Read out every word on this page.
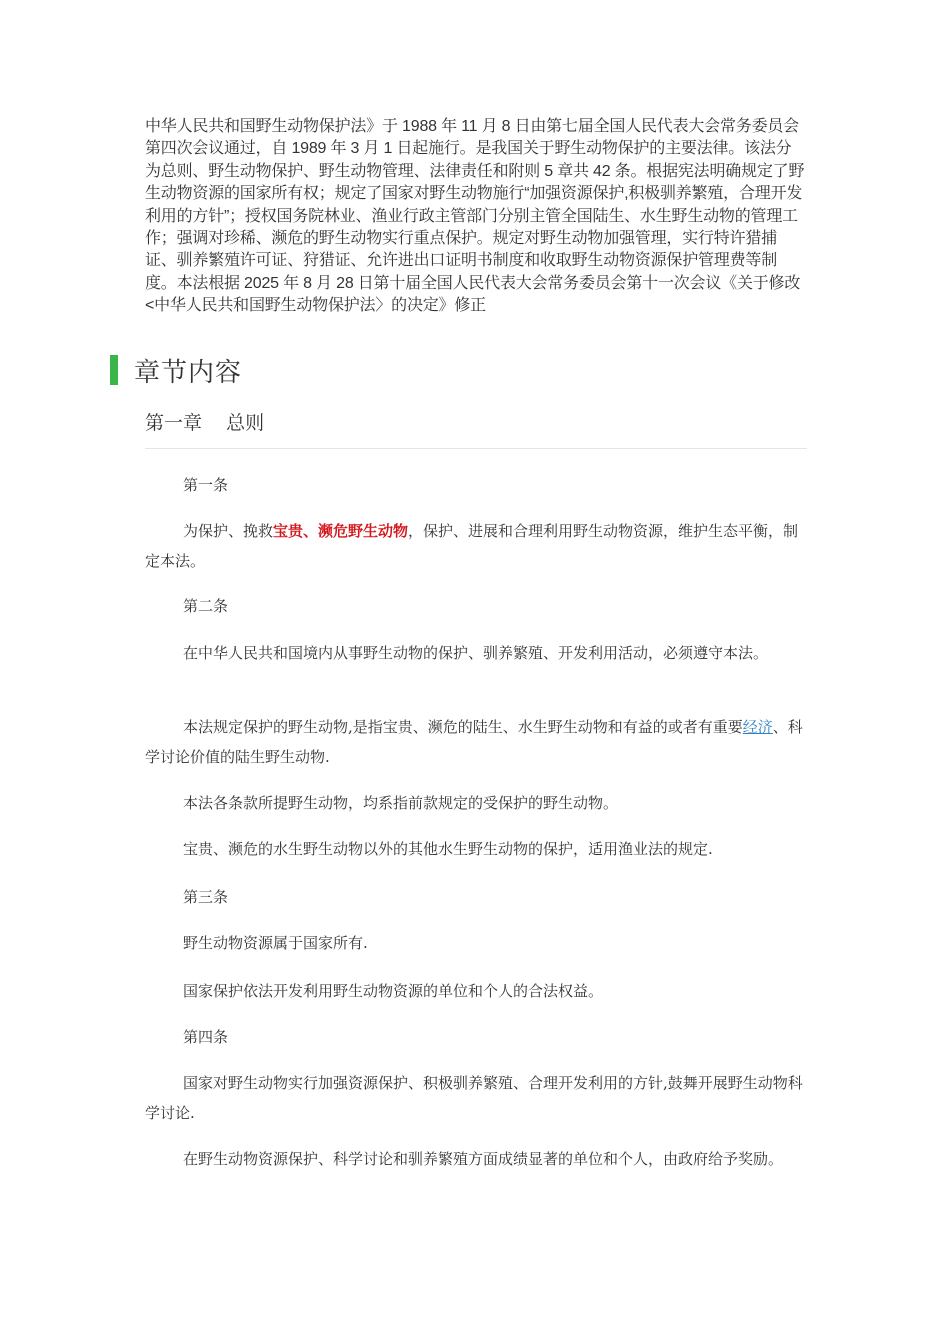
中华人民共和国野生动物保护法》于 1988 年 11 月 8 日由第七届全国人民代表大会常务委员会第四次会议通过，自 1989 年 3 月 1 日起施行。是我国关于野生动物保护的主要法律。该法分为总则、野生动物保护、野生动物管理、法律责任和附则 5 章共 42 条。根据宪法明确规定了野生动物资源的国家所有权；规定了国家对野生动物施行“加强资源保护,积极驯养繁殖，合理开发利用的方针”；授权国务院林业、渔业行政主管部门分别主管全国陆生、水生野生动物的管理工作；强调对珍稀、濒危的野生动物实行重点保护。规定对野生动物加强管理，实行特许猎捕证、驯养繁殖许可证、狩猎证、允许进出口证明书制度和收取野生动物资源保护管理费等制度。本法根据 2025 年 8 月 28 日第十届全国人民代表大会常务委员会第十一次会议《关于修改<中华人民共和国野生动物保护法〉的决定》修正
章节内容
第一章    总则

第一条

为保护、挽救宝贵、濒危野生动物，保护、进展和合理利用野生动物资源，维护生态平衡，制定本法。

第二条

在中华人民共和国境内从事野生动物的保护、驯养繁殖、开发利用活动，必须遵守本法。

本法规定保护的野生动物,是指宝贵、濒危的陆生、水生野生动物和有益的或者有重要经济、科学讨论价值的陆生野生动物.

本法各条款所提野生动物，均系指前款规定的受保护的野生动物。

宝贵、濒危的水生野生动物以外的其他水生野生动物的保护，适用渔业法的规定.

第三条

野生动物资源属于国家所有.

国家保护依法开发利用野生动物资源的单位和个人的合法权益。

第四条

国家对野生动物实行加强资源保护、积极驯养繁殖、合理开发利用的方针,鼓舞开展野生动物科学讨论.

在野生动物资源保护、科学讨论和驯养繁殖方面成绩显著的单位和个人，由政府给予奖励。
